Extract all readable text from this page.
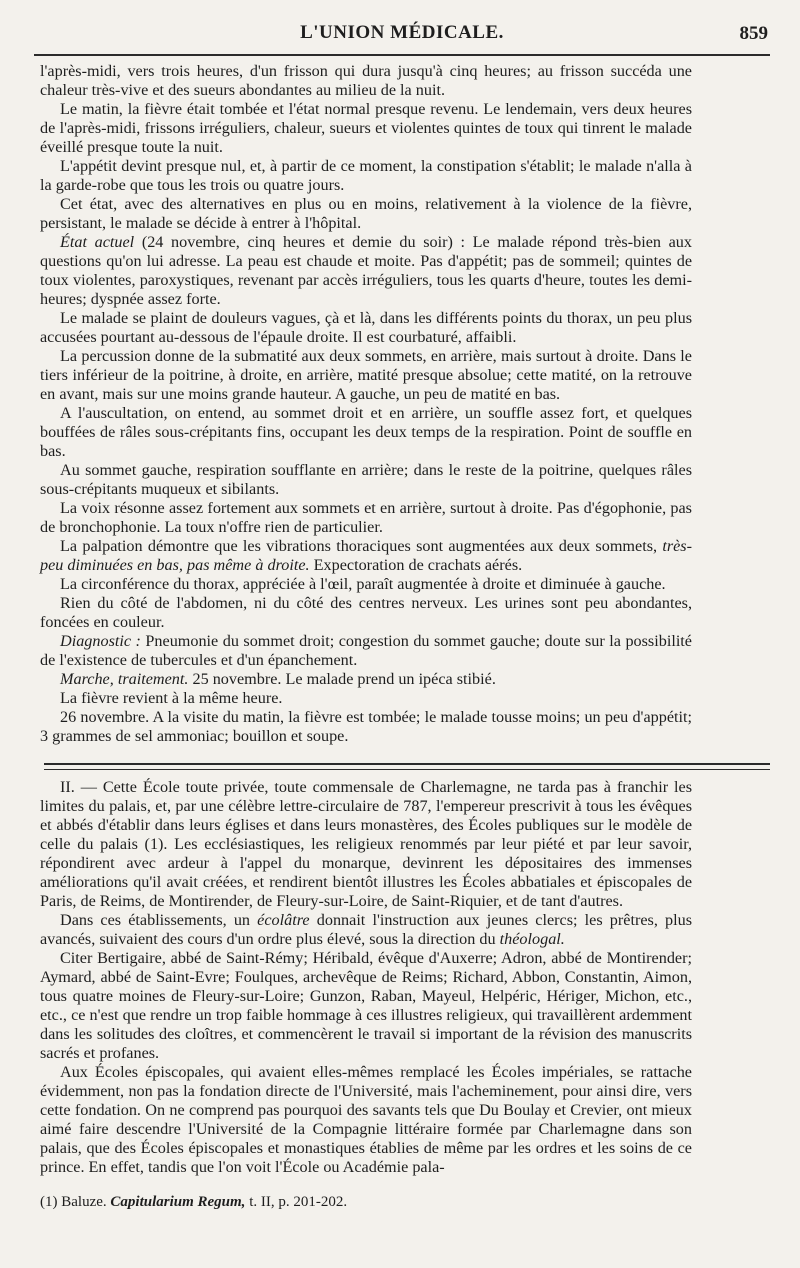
L'UNION MÉDICALE.	859

l'après-midi, vers trois heures, d'un frisson qui dura jusqu'à cinq heures; au frisson succéda une chaleur très-vive et des sueurs abondantes au milieu de la nuit.

Le matin, la fièvre était tombée et l'état normal presque revenu. Le lendemain, vers deux heures de l'après-midi, frissons irréguliers, chaleur, sueurs et violentes quintes de toux qui tinrent le malade éveillé presque toute la nuit.

L'appétit devint presque nul, et, à partir de ce moment, la constipation s'établit; le malade n'alla à la garde-robe que tous les trois ou quatre jours.

Cet état, avec des alternatives en plus ou en moins, relativement à la violence de la fièvre, persistant, le malade se décide à entrer à l'hôpital.

État actuel (24 novembre, cinq heures et demie du soir) : Le malade répond très-bien aux questions qu'on lui adresse. La peau est chaude et moite. Pas d'appétit; pas de sommeil; quintes de toux violentes, paroxystiques, revenant par accès irréguliers, tous les quarts d'heure, toutes les demi-heures; dyspnée assez forte.

Le malade se plaint de douleurs vagues, çà et là, dans les différents points du thorax, un peu plus accusées pourtant au-dessous de l'épaule droite. Il est courbaturé, affaibli.

La percussion donne de la submatité aux deux sommets, en arrière, mais surtout à droite. Dans le tiers inférieur de la poitrine, à droite, en arrière, matité presque absolue; cette matité, on la retrouve en avant, mais sur une moins grande hauteur. A gauche, un peu de matité en bas.

A l'auscultation, on entend, au sommet droit et en arrière, un souffle assez fort, et quelques bouffées de râles sous-crépitants fins, occupant les deux temps de la respiration. Point de souffle en bas.

Au sommet gauche, respiration soufflante en arrière; dans le reste de la poitrine, quelques râles sous-crépitants muqueux et sibilants.

La voix résonne assez fortement aux sommets et en arrière, surtout à droite. Pas d'égophonie, pas de bronchophonie. La toux n'offre rien de particulier.

La palpation démontre que les vibrations thoraciques sont augmentées aux deux sommets, très-peu diminuées en bas, pas même à droite. Expectoration de crachats aérés.

La circonférence du thorax, appréciée à l'œil, paraît augmentée à droite et diminuée à gauche.

Rien du côté de l'abdomen, ni du côté des centres nerveux. Les urines sont peu abondantes, foncées en couleur.

Diagnostic : Pneumonie du sommet droit; congestion du sommet gauche; doute sur la possibilité de l'existence de tubercules et d'un épanchement.

Marche, traitement. 25 novembre. Le malade prend un ipéca stibié.

La fièvre revient à la même heure.

26 novembre. A la visite du matin, la fièvre est tombée; le malade tousse moins; un peu d'appétit; 3 grammes de sel ammoniac; bouillon et soupe.

II. — Cette École toute privée, toute commensale de Charlemagne, ne tarda pas à franchir les limites du palais, et, par une célèbre lettre-circulaire de 787, l'empereur prescrivit à tous les évêques et abbés d'établir dans leurs églises et dans leurs monastères, des Écoles publiques sur le modèle de celle du palais (1). Les ecclésiastiques, les religieux renommés par leur piété et par leur savoir, répondirent avec ardeur à l'appel du monarque, devinrent les dépositaires des immenses améliorations qu'il avait créées, et rendirent bientôt illustres les Écoles abbatiales et épiscopales de Paris, de Reims, de Montirender, de Fleury-sur-Loire, de Saint-Riquier, et de tant d'autres.

Dans ces établissements, un écolâtre donnait l'instruction aux jeunes clercs; les prêtres, plus avancés, suivaient des cours d'un ordre plus élevé, sous la direction du théologal.

Citer Bertigaire, abbé de Saint-Rémy; Héribald, évêque d'Auxerre; Adron, abbé de Montirender; Aymard, abbé de Saint-Evre; Foulques, archevêque de Reims; Richard, Abbon, Constantin, Aimon, tous quatre moines de Fleury-sur-Loire; Gunzon, Raban, Mayeul, Helpéric, Hériger, Michon, etc., etc., ce n'est que rendre un trop faible hommage à ces illustres religieux, qui travaillèrent ardemment dans les solitudes des cloîtres, et commencèrent le travail si important de la révision des manuscrits sacrés et profanes.

Aux Écoles épiscopales, qui avaient elles-mêmes remplacé les Écoles impériales, se rattache évidemment, non pas la fondation directe de l'Université, mais l'acheminement, pour ainsi dire, vers cette fondation. On ne comprend pas pourquoi des savants tels que Du Boulay et Crevier, ont mieux aimé faire descendre l'Université de la Compagnie littéraire formée par Charlemagne dans son palais, que des Écoles épiscopales et monastiques établies de même par les ordres et les soins de ce prince. En effet, tandis que l'on voit l'École ou Académie pala-

(1) Baluze. Capitularium Regum, t. II, p. 201-202.
